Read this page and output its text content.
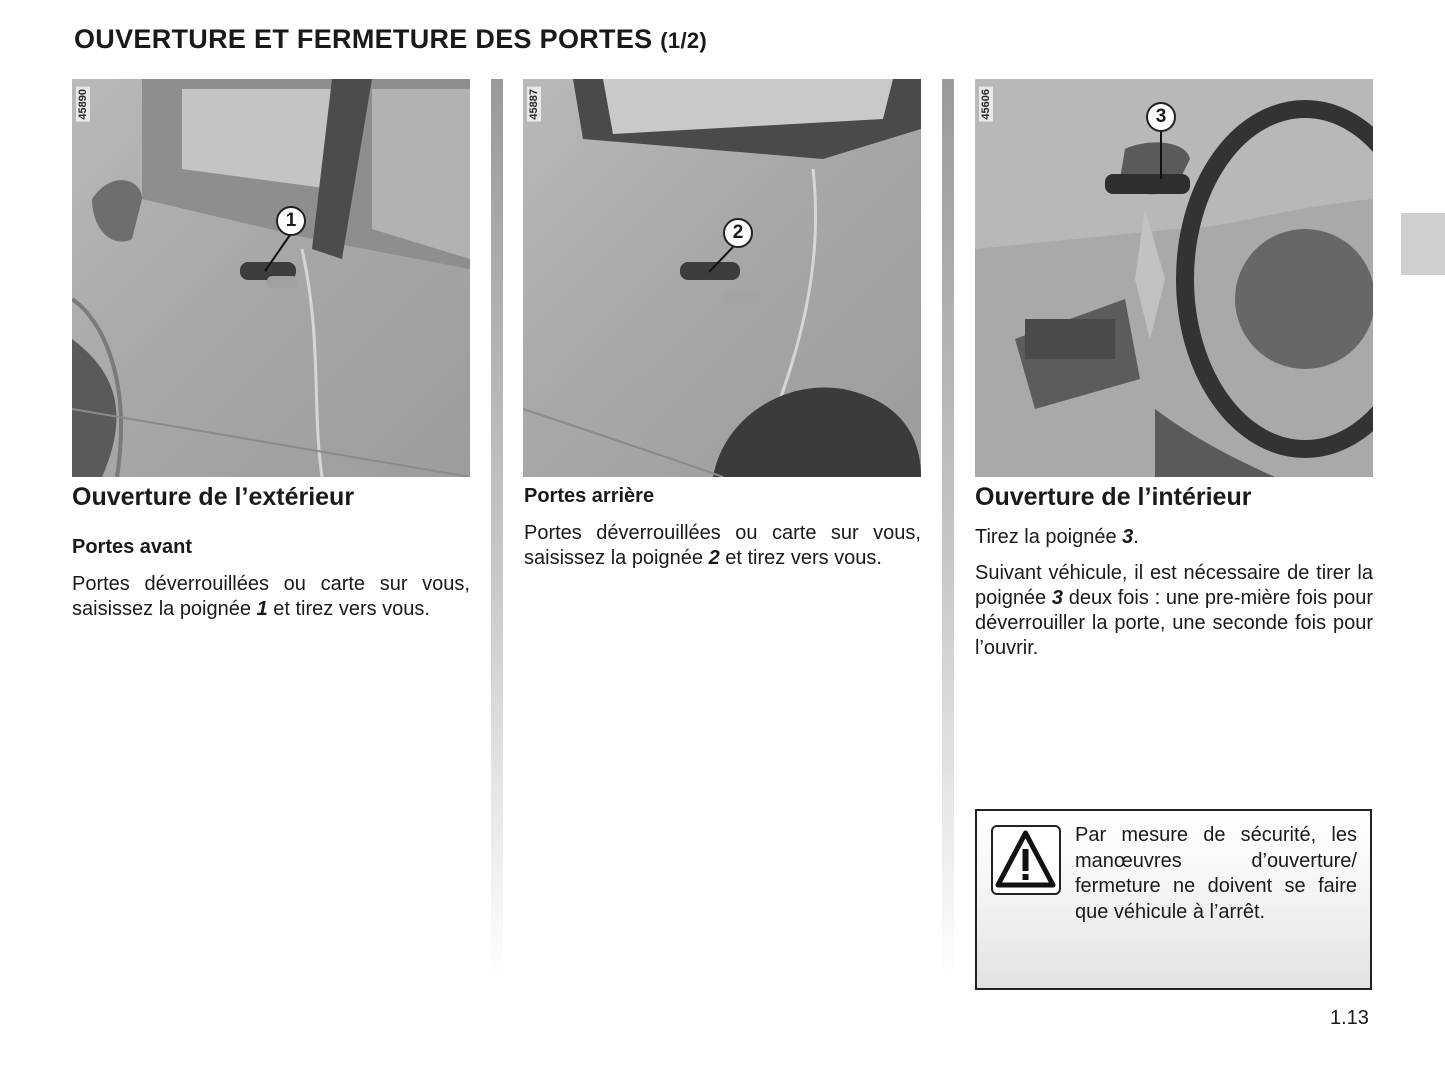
OUVERTURE ET FERMETURE DES PORTES (1/2)
45890
1
45887
2
45606	3
Ouverture de l’extérieur
Portes avant
Portes déverrouillées ou carte sur vous, saisissez la poignée 1 et tirez vers vous.
Portes arrière
Portes déverrouillées ou carte sur vous, saisissez la poignée 2 et tirez vers vous.
Ouverture de l’intérieur
Tirez la poignée 3.
Suivant véhicule, il est nécessaire de tirer la poignée 3 deux fois : une pre-mière fois pour déverrouiller la porte, une seconde fois pour l’ouvrir.
Par mesure de sécurité, les manœuvres d’ouverture/ fermeture ne doivent se faire que véhicule à l’arrêt.
1.13
